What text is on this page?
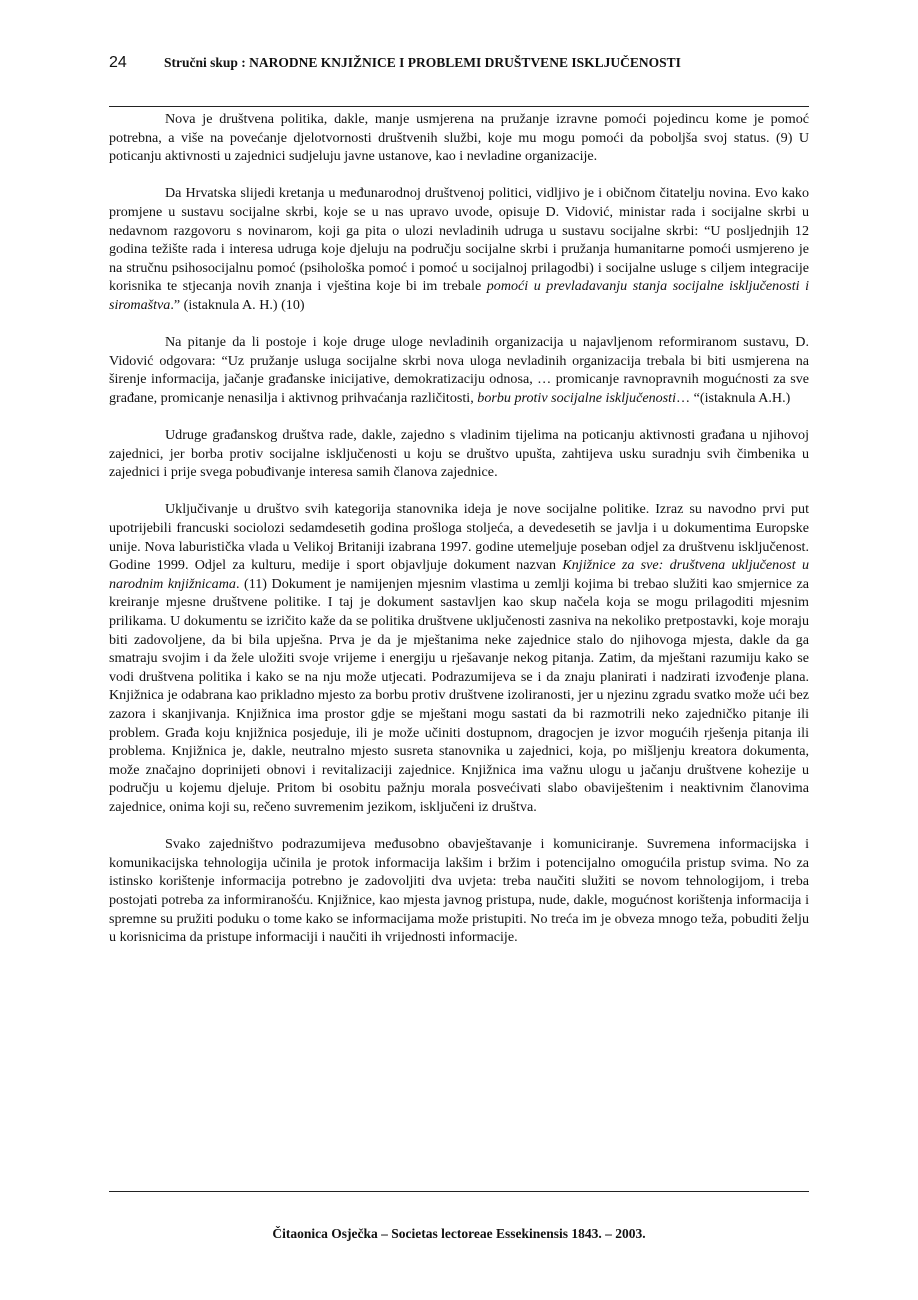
24	Stručni skup : NARODNE KNJIŽNICE I PROBLEMI DRUŠTVENE ISKLJUČENOSTI

Nova je društvena politika, dakle, manje usmjerena na pružanje izravne pomoći pojedincu kome je pomoć potrebna, a više na povećanje djelotvornosti društvenih službi, koje mu mogu pomoći da poboljša svoj status. (9) U poticanju aktivnosti u zajednici sudjeluju javne ustanove, kao i nevladine organizacije.

Da Hrvatska slijedi kretanja u međunarodnoj društvenoj politici, vidljivo je i običnom čitatelju novina. Evo kako promjene u sustavu socijalne skrbi, koje se u nas upravo uvode, opisuje D. Vidović, ministar rada i socijalne skrbi u nedavnom razgovoru s novinarom, koji ga pita o ulozi nevladinih udruga u sustavu socijalne skrbi: “U posljednjih 12 godina težište rada i interesa udruga koje djeluju na području socijalne skrbi i pružanja humanitarne pomoći usmjereno je na stručnu psihosocijalnu pomoć (psihološka pomoć i pomoć u socijalnoj prilagodbi) i socijalne usluge s ciljem integracije korisnika te stjecanja novih znanja i vještina koje bi im trebale pomoći u prevladavanju stanja socijalne isključenosti i siromaštva.” (istaknula A. H.) (10)

Na pitanje da li postoje i koje druge uloge nevladinih organizacija u najavljenom reformiranom sustavu, D. Vidović odgovara: “Uz pružanje usluga socijalne skrbi nova uloga nevladinih organizacija trebala bi biti usmjerena na širenje informacija, jačanje građanske inicijative, demokratizaciju odnosa, … promicanje ravnopravnih mogućnosti za sve građane, promicanje nenasilja i aktivnog prihvaćanja različitosti, borbu protiv socijalne isključenosti… “(istaknula A.H.)

Udruge građanskog društva rade, dakle, zajedno s vladinim tijelima na poticanju aktivnosti građana u njihovoj zajednici, jer borba protiv socijalne isključenosti u koju se društvo upušta, zahtijeva usku suradnju svih čimbenika u zajednici i prije svega pobuđivanje interesa samih članova zajednice.

Uključivanje u društvo svih kategorija stanovnika ideja je nove socijalne politike. Izraz su navodno prvi put upotrijebili francuski sociolozi sedamdesetih godina prošloga stoljeća, a devedesetih se javlja i u dokumentima Europske unije. Nova laburistička vlada u Velikoj Britaniji izabrana 1997. godine utemeljuje poseban odjel za društvenu isključenost. Godine 1999. Odjel za kulturu, medije i sport objavljuje dokument nazvan Knjižnice za sve: društvena uključenost u narodnim knjižnicama. (11) Dokument je namijenjen mjesnim vlastima u zemlji kojima bi trebao služiti kao smjernice za kreiranje mjesne društvene politike. I taj je dokument sastavljen kao skup načela koja se mogu prilagoditi mjesnim prilikama. U dokumentu se izričito kaže da se politika društvene uključenosti zasniva na nekoliko pretpostavki, koje moraju biti zadovoljene, da bi bila upješna. Prva je da je mještanima neke zajednice stalo do njihovoga mjesta, dakle da ga smatraju svojim i da žele uložiti svoje vrijeme i energiju u rješavanje nekog pitanja. Zatim, da mještani razumiju kako se vodi društvena politika i kako se na nju može utjecati. Podrazumijeva se i da znaju planirati i nadzirati izvođenje plana. Knjižnica je odabrana kao prikladno mjesto za borbu protiv društvene izoliranosti, jer u njezinu zgradu svatko može ući bez zazora i skanjivanja. Knjižnica ima prostor gdje se mještani mogu sastati da bi razmotrili neko zajedničko pitanje ili problem. Građa koju knjižnica posjeduje, ili je može učiniti dostupnom, dragocjen je izvor mogućih rješenja pitanja ili problema. Knjižnica je, dakle, neutralno mjesto susreta stanovnika u zajednici, koja, po mišljenju kreatora dokumenta, može značajno doprinijeti obnovi i revitalizaciji zajednice. Knjižnica ima važnu ulogu u jačanju društvene kohezije u području u kojemu djeluje. Pritom bi osobitu pažnju morala posvećivati slabo obaviještenim i neaktivnim članovima zajednice, onima koji su, rečeno suvremenim jezikom, isključeni iz društva.

Svako zajedništvo podrazumijeva međusobno obavještavanje i komuniciranje. Suvremena informacijska i komunikacijska tehnologija učinila je protok informacija lakšim i bržim i potencijalno omogućila pristup svima. No za istinsko korištenje informacija potrebno je zadovoljiti dva uvjeta: treba naučiti služiti se novom tehnologijom, i treba postojati potreba za informiranošću. Knjižnice, kao mjesta javnog pristupa, nude, dakle, mogućnost korištenja informacija i spremne su pružiti poduku o tome kako se informacijama može pristupiti. No treća im je obveza mnogo teža, pobuditi želju u korisnicima da pristupe informaciji i naučiti ih vrijednosti informacije.

Čitaonica Osječka – Societas lectoreae Essekinensis 1843. – 2003.
